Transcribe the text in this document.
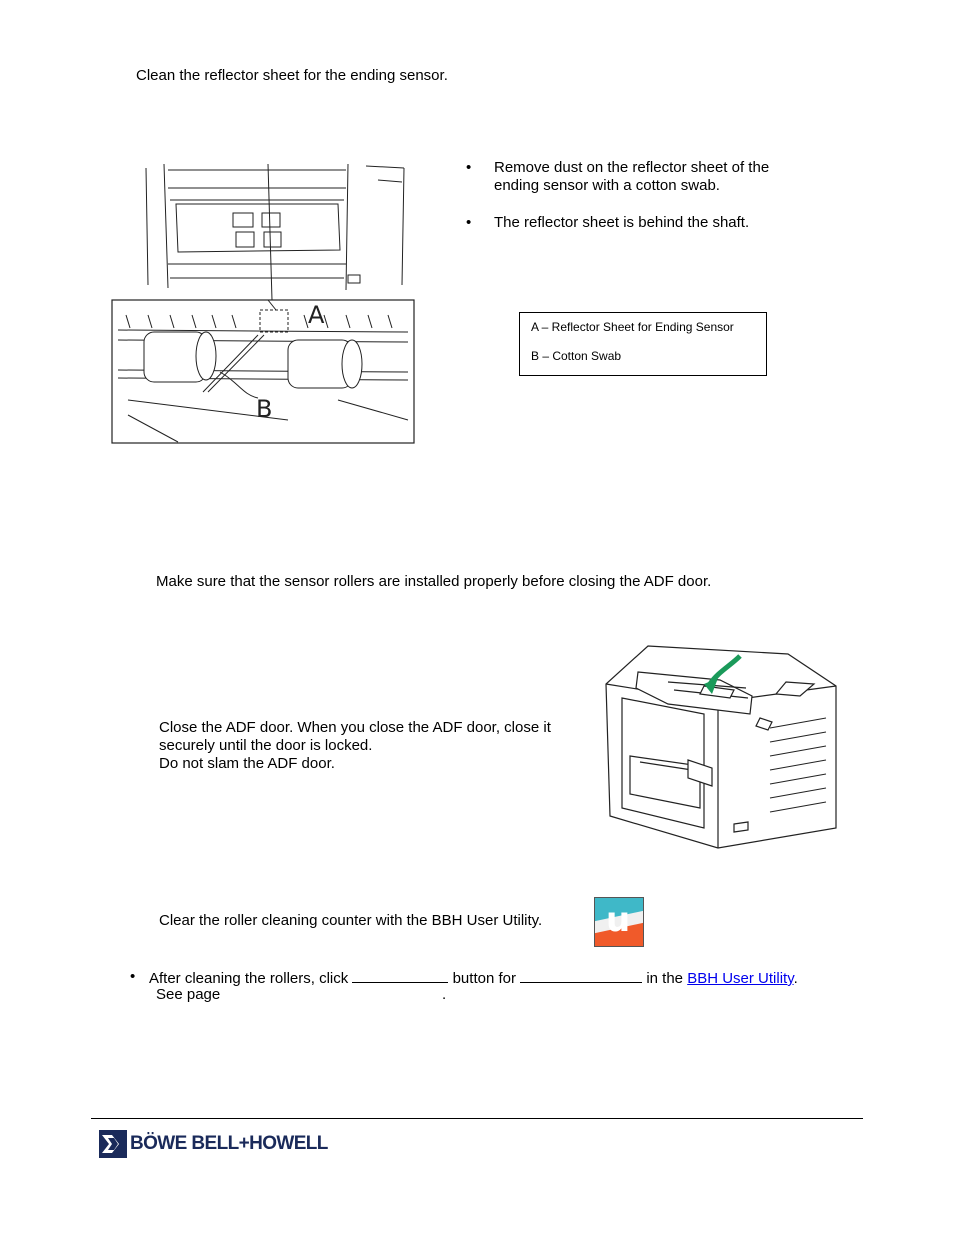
Clean the reflector sheet for the ending sensor.
A
B
•	Remove dust on the reflector sheet of the
ending sensor with a cotton swab.
•	The reflector sheet is behind the shaft.
A – Reflector Sheet for Ending Sensor
B – Cotton Swab
Make sure that the sensor rollers are installed properly before closing the ADF door.
Close the ADF door. When you close the ADF door, close it
securely until the door is locked.
Do not slam the ADF door.
Clear the roller cleaning counter with the BBH User Utility. u
• After cleaning the rollers, click	button for	in the BBH User Utility.
See page	.
BÖWE BELL+HOWELL
